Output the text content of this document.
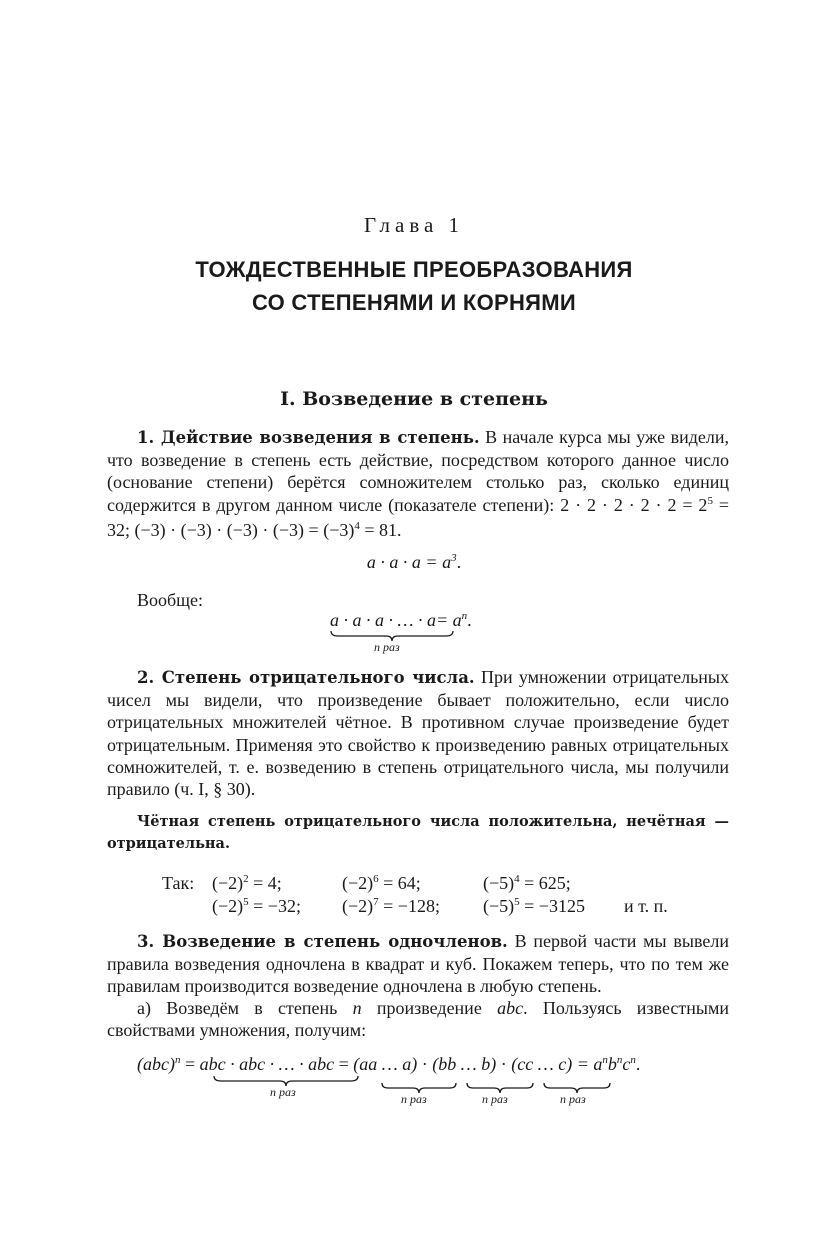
Глава 1
ТОЖДЕСТВЕННЫЕ ПРЕОБРАЗОВАНИЯ
СО СТЕПЕНЯМИ И КОРНЯМИ
I. Возведение в степень
1. Действие возведения в степень. В начале курса мы уже видели, что возведение в степень есть действие, посредством которого данное число (основание степени) берётся сомножителем столько раз, сколько единиц содержится в другом данном числе (показателе степени): $2 \cdot 2 \cdot 2 \cdot 2 \cdot 2 = 2^5 = 32$; $(-3) \cdot (-3) \cdot (-3) \cdot (-3) = (-3)^4 = 81$.
$a \cdot a \cdot a = a^3$.
Вообще:
a · a · a · … · $a= a^n$.
n раз
2. Степень отрицательного числа. При умножении отрицательных чисел мы видели, что произведение бывает положительно, если число отрицательных множителей чётное. В противном случае произведение будет отрицательным. Применяя это свойство к произведению равных отрицательных сомножителей, т. е. возведению в степень отрицательного числа, мы получили правило (ч. I, § 30).
Чётная степень отрицательного числа положительна, нечётная — отрицательна.
Так: $(-2)^2 = 4$;	$(-2)^6 = 64$;	$(-5)^4 = 625$;
$(-2)^5 = -32$; $(-2)^7 = -128$; $(-5)^5 = -3125$ и т. п.
3. Возведение в степень одночленов. В первой части мы вывели правила возведения одночлена в квадрат и куб. Покажем теперь, что по тем же правилам производится возведение одночлена в любую степень.
а) Возведём в степень n произведение abc. Пользуясь известными свойствами умножения, получим:
(abc)$^n$ = abc · abc · … · abc = (aa … a) · (bb … b) · (cc … $c) = a^nb^nc^n$.
n раз	n раз	n раз	n раз
